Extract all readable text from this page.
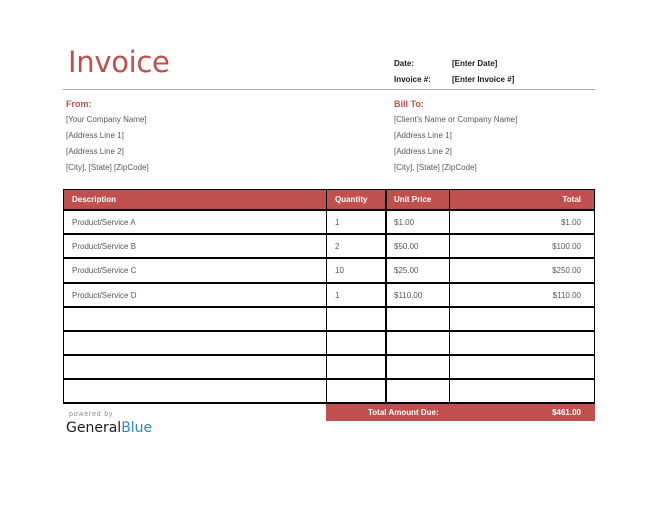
Invoice	Date:	[Enter Date]
Invoice #:	[Enter Invoice #]
From:
[Your Company Name]
[Address Line 1]
[Address Line 2]
[City], [State] [ZipCode]
Bill To:
[Client's Name or Company Name]
[Address Line 1]
[Address Line 2]
[City], [State] [ZipCode]
Description	Quantity	Unit Price	Total
Product/Service A	1	$1.00	$1.00
Product/Service B	2	$50.00	$100.00
Product/Service C	10	$25.00	$250.00
Product/Service D	1	$110.00	$110.00
Total Amount Due:	$461.00
powered by
GeneralBlue
